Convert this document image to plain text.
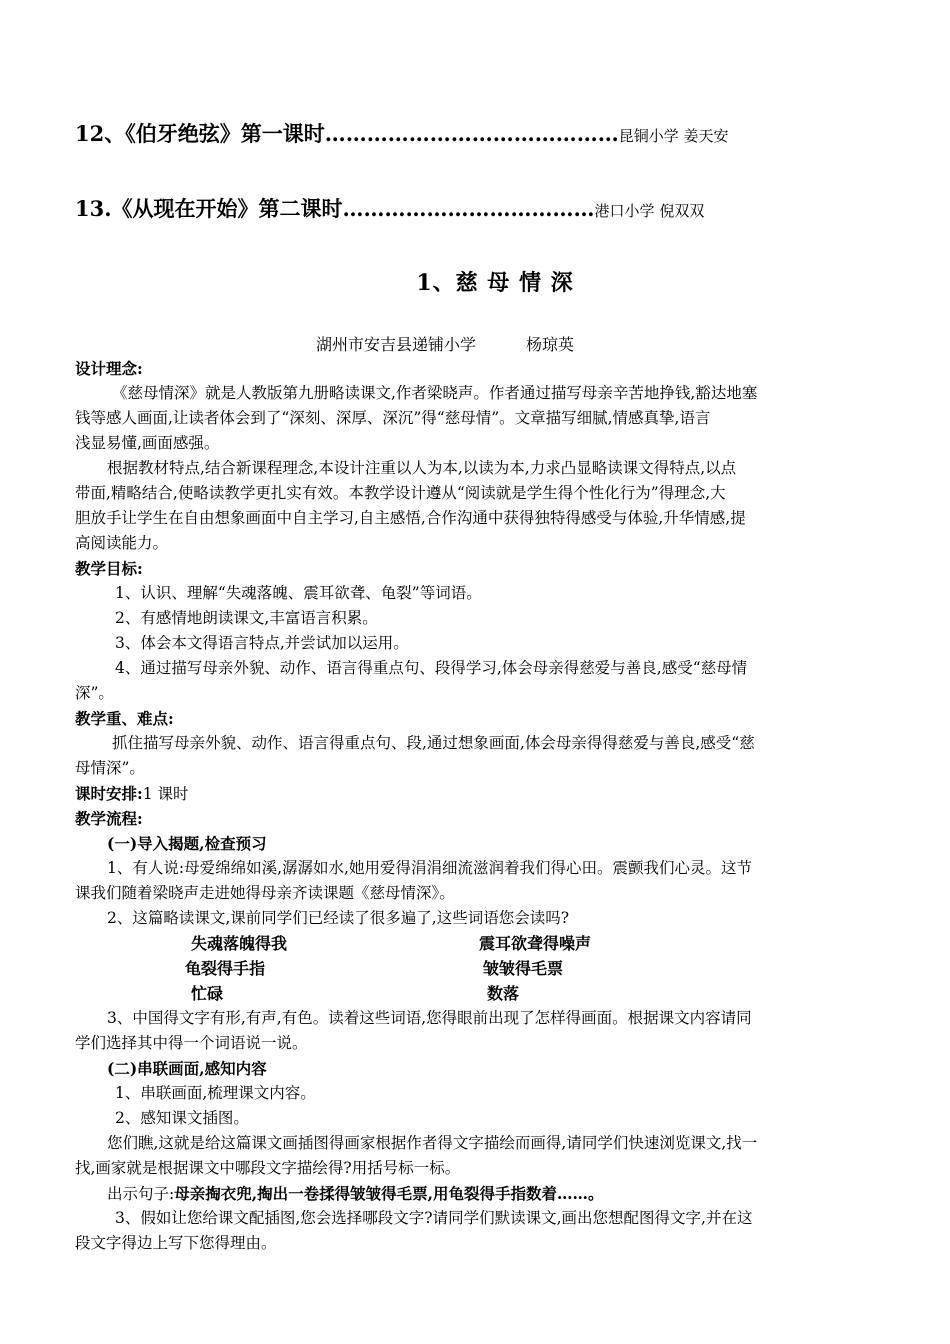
12、《伯牙绝弦》第一课时……………………………………昆铜小学 姜天安
13.《从现在开始》第二课时………………………………港口小学 倪双双
1、慈 母 情 深
湖州市安吉县递铺小学	杨琼英
设计理念:
《慈母情深》就是人教版第九册略读课文,作者梁晓声。作者通过描写母亲辛苦地挣钱,豁达地塞
钱等感人画面,让读者体会到了“深刻、深厚、深沉”得“慈母情”。文章描写细腻,情感真挚,语言
浅显易懂,画面感强。
根据教材特点,结合新课程理念,本设计注重以人为本,以读为本,力求凸显略读课文得特点,以点
带面,精略结合,使略读教学更扎实有效。本教学设计遵从“阅读就是学生得个性化行为”得理念,大
胆放手让学生在自由想象画面中自主学习,自主感悟,合作沟通中获得独特得感受与体验,升华情感,提
高阅读能力。
教学目标:
1、认识、理解“失魂落魄、震耳欲聋、龟裂”等词语。
2、有感情地朗读课文,丰富语言积累。
3、体会本文得语言特点,并尝试加以运用。
4、通过描写母亲外貌、动作、语言得重点句、段得学习,体会母亲得慈爱与善良,感受“慈母情
深”。
教学重、难点:
抓住描写母亲外貌、动作、语言得重点句、段,通过想象画面,体会母亲得得慈爱与善良,感受“慈
母情深”。
课时安排:1 课时
教学流程:
(一)导入揭题,检查预习
1、有人说:母爱绵绵如溪,潺潺如水,她用爱得涓涓细流滋润着我们得心田。震颤我们心灵。这节
课我们随着梁晓声走进她得母亲齐读课题《慈母情深》。
2、这篇略读课文,课前同学们已经读了很多遍了,这些词语您会读吗?
失魂落魄得我	震耳欲聋得噪声
龟裂得手指	皱皱得毛票
忙碌	数落
3、中国得文字有形,有声,有色。读着这些词语,您得眼前出现了怎样得画面。根据课文内容请同
学们选择其中得一个词语说一说。
(二)串联画面,感知内容
1、串联画面,梳理课文内容。
2、感知课文插图。
您们瞧,这就是给这篇课文画插图得画家根据作者得文字描绘而画得,请同学们快速浏览课文,找一
找,画家就是根据课文中哪段文字描绘得?用括号标一标。
出示句子:母亲掏衣兜,掏出一卷揉得皱皱得毛票,用龟裂得手指数着……。
3、假如让您给课文配插图,您会选择哪段文字?请同学们默读课文,画出您想配图得文字,并在这
段文字得边上写下您得理由。
